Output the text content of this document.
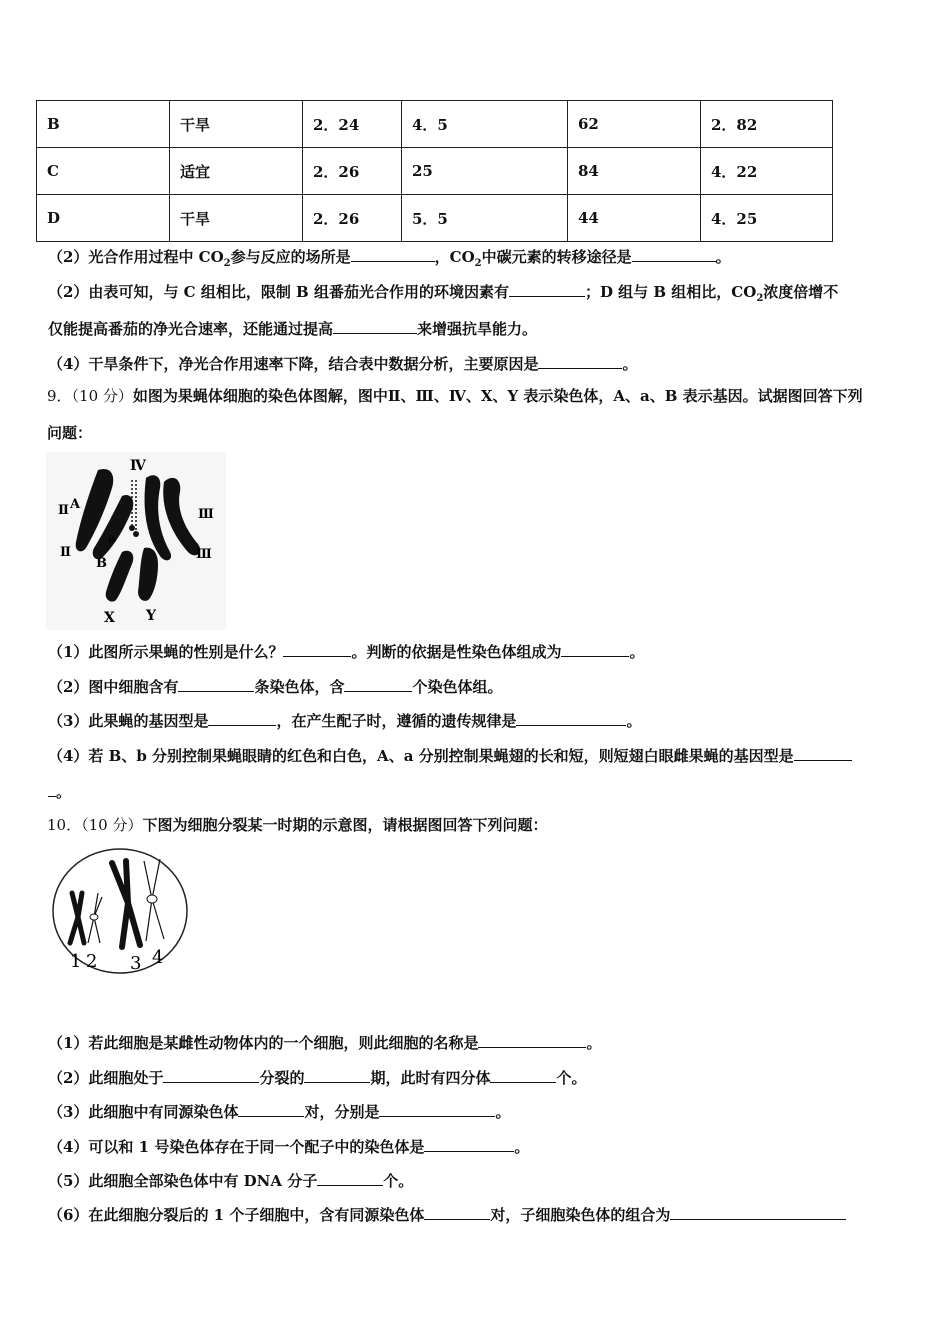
B	干旱	2．24	4．5	62	2．82
C	适宜	2．26	25	84	4．22
D	干旱	2．26	5．5	44	4．25
（2）光合作用过程中 $CO_2$参与反应的场所是	，$CO_2$中碳元素的转移途径是	。
（2）由表可知，与 C 组相比，限制 B 组番茄光合作用的环境因素有	；D 组与 B 组相比，$CO_2$浓度倍增不
仅能提高番茄的净光合速率，还能通过提高	来增强抗旱能力。
（4）干旱条件下，净光合作用速率下降，结合表中数据分析，主要原因是	。
9．（10 分）如图为果蝇体细胞的染色体图解，图中Ⅱ、Ⅲ、Ⅳ、X、Y 表示染色体，A、a、B 表示基因。试据图回答下列
问题：
Ⅳ
Ⅱ A
Ⅱ
a
B
Ⅲ
Ⅲ
X Y
（1）此图所示果蝇的性别是什么？	。判断的依据是性染色体组成为	。
（2）图中细胞含有	条染色体，含	个染色体组。
（3）此果蝇的基因型是	，在产生配子时，遵循的遗传规律是	。
（4）若 B、b 分别控制果蝇眼睛的红色和白色，A、a 分别控制果蝇翅的长和短，则短翅白眼雌果蝇的基因型是
。
10．（10 分）下图为细胞分裂某一时期的示意图，请根据图回答下列问题：
1 2 3 4
（1）若此细胞是某雌性动物体内的一个细胞，则此细胞的名称是	。
（2）此细胞处于	分裂的	期，此时有四分体	个。
（3）此细胞中有同源染色体	对，分别是	。
（4）可以和 1 号染色体存在于同一个配子中的染色体是	。
（5）此细胞全部染色体中有 DNA 分子	个。
（6）在此细胞分裂后的 1 个子细胞中，含有同源染色体	对，子细胞染色体的组合为
